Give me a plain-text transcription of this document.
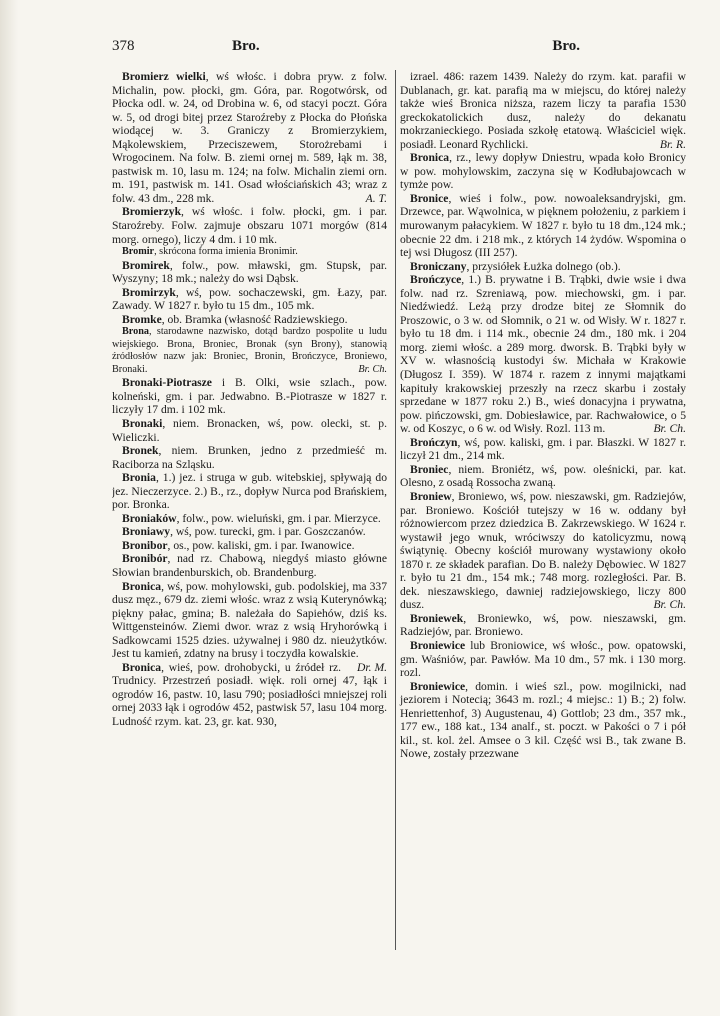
378	Bro.	Bro.

Bromierz wielki, wś włośc. i dobra pryw. z folw. Michalin, pow. płocki, gm. Góra, par. Rogotwórsk, od Płocka odl. w. 24, od Drobina w. 6, od stacyi poczt. Góra w. 5, od drogi bitej przez Staroźreby z Płocka do Płońska wiodącej w. 3. Graniczy z Bromierzykiem, Mąkolewskiem, Przeciszewem, Storożrebami i Wrogocinem. Na folw. B. ziemi ornej m. 589, łąk m. 38, pastwisk m. 10, lasu m. 124; na folw. Michalin ziemi orn. m. 191, pastwisk m. 141. Osad włościańskich 43; wraz z folw. 43 dm., 228 mk.	A. T.

Bromierzyk, wś włośc. i folw. płocki, gm. i par. Staroźreby. Folw. zajmuje obszaru 1071 morgów (814 morg. ornego), liczy 4 dm. i 10 mk.

Bromir, skrócona forma imienia Bronimir.

Bromirek, folw., pow. mławski, gm. Stupsk, par. Wyszyny; 18 mk.; należy do wsi Dąbsk.

Bromirzyk, wś, pow. sochaczewski, gm. Łazy, par. Zawady. W 1827 r. było tu 15 dm., 105 mk.

Bromke, ob. Bramka (własność Radziewskiego.

Brona, starodawne nazwisko, dotąd bardzo pospolite u ludu wiejskiego. Brona, Broniec, Bronak (syn Brony), stanowią źródłosłów nazw jak: Broniec, Bronin, Brończyce, Broniewo, Bronaki.	Br. Ch.

Bronaki-Piotrasze i B. Olki, wsie szlach., pow. kolneński, gm. i par. Jedwabno. B.-Piotrasze w 1827 r. liczyły 17 dm. i 102 mk.

Bronaki, niem. Bronacken, wś, pow. olecki, st. p. Wieliczki.

Bronek, niem. Brunken, jedno z przedmieść m. Raciborza na Szląsku.

Bronia, 1.) jez. i struga w gub. witebskiej, spływają do jez. Nieczerzyce. 2.) B., rz., dopływ Nurca pod Brańskiem, por. Bronka.

Broniaków, folw., pow. wieluński, gm. i par. Mierzyce.

Broniawy, wś, pow. turecki, gm. i par. Goszczanów.

Bronibor, os., pow. kaliski, gm. i par. Iwanowice.

Bronibór, nad rz. Chabową, niegdyś miasto główne Słowian brandenburskich, ob. Brandenburg.

Bronica, wś, pow. mohylowski, gub. podolskiej, ma 337 dusz męz., 679 dz. ziemi włośc. wraz z wsią Kuterynówką; piękny pałac, gmina; B. należała do Sapiehów, dziś ks. Wittgensteinów. Ziemi dwor. wraz z wsią Hryhorówką i Sadkowcami 1525 dzies. używalnej i 980 dz. nieużytków. Jest tu kamień, zdatny na brusy i toczydła kowalskie.
Dr. M.

Bronica, wieś, pow. drohobycki, u źródeł rz. Trudnicy. Przestrzeń posiadł. więk. roli ornej 47, łąk i ogrodów 16, pastw. 10, lasu 790; posiadłości mniejszej roli ornej 2033 łąk i ogrodów 452, pastwisk 57, lasu 104 morg. Ludność rzym. kat. 23, gr. kat. 930,

izrael. 486: razem 1439. Należy do rzym. kat. parafii w Dublanach, gr. kat. parafią ma w miejscu, do której należy także wieś Bronica niższa, razem liczy ta parafia 1530 greckokatolickich dusz, należy do dekanatu mokrzanieckiego. Posiada szkołę etatową. Właściciel więk. posiadł. Leonard Rychlicki.	Br. R.

Bronica, rz., lewy dopływ Dniestru, wpada koło Bronicy w pow. mohylowskim, zaczyna się w Kodłubajowcach w tymże pow.

Bronice, wieś i folw., pow. nowoaleksandryjski, gm. Drzewce, par. Wąwolnica, w pięknem położeniu, z parkiem i murowanym pałacykiem. W 1827 r. było tu 18 dm.,124 mk.; obecnie 22 dm. i 218 mk., z których 14 żydów. Wspomina o tej wsi Długosz (III 257).

Broniczany, przysiółek Łużka dolnego (ob.).

Brończyce, 1.) B. prywatne i B. Trąbki, dwie wsie i dwa folw. nad rz. Szreniawą, pow. miechowski, gm. i par. Niedźwiedź. Leżą przy drodze bitej ze Słomnik do Proszowic, o 3 w. od Słomnik, o 21 w. od Wisły. W r. 1827 r. było tu 18 dm. i 114 mk., obecnie 24 dm., 180 mk. i 204 morg. ziemi włośc. a 289 morg. dworsk. B. Trąbki były w XV w. własnością kustodyi św. Michała w Krakowie (Długosz I. 359). W 1874 r. razem z innymi majątkami kapituły krakowskiej przeszły na rzecz skarbu i zostały sprzedane w 1877 roku 2.) B., wieś donacyjna i prywatna, pow. pińczowski, gm. Dobiesławice, par. Rachwałowice, o 5 w. od Koszyc, o 6 w. od Wisły. Rozl. 113 m.	Br. Ch.

Brończyn, wś, pow. kaliski, gm. i par. Błaszki. W 1827 r. liczył 21 dm., 214 mk.

Broniec, niem. Broniétz, wś, pow. oleśnicki, par. kat. Olesno, z osadą Rossocha zwaną.

Broniew, Broniewo, wś, pow. nieszawski, gm. Radziejów, par. Broniewo. Kościół tutejszy w 16 w. oddany był różnowiercom przez dziedzica B. Zakrzewskiego. W 1624 r. wystawił jego wnuk, wróciwszy do katolicyzmu, nową świątynię. Obecny kościół murowany wystawiony około 1870 r. ze składek parafian. Do B. należy Dębowiec. W 1827 r. było tu 21 dm., 154 mk.; 748 morg. rozległości. Par. B. dek. nieszawskiego, dawniej radziejowskiego, liczy 800 dusz.	Br. Ch.

Broniewek, Broniewko, wś, pow. nieszawski, gm. Radziejów, par. Broniewo.

Broniewice lub Broniowice, wś włośc., pow. opatowski, gm. Waśniów, par. Pawłów. Ma 10 dm., 57 mk. i 130 morg. rozl.

Broniewice, domin. i wieś szl., pow. mogilnicki, nad jeziorem i Notecią; 3643 m. rozl.; 4 miejsc.: 1) B.; 2) folw. Henriettenhof, 3) Augustenau, 4) Gottlob; 23 dm., 357 mk., 177 ew., 188 kat., 134 analf., st. poczt. w Pakości o 7 i pół kil., st. kol. żel. Amsee o 3 kil. Część wsi B., tak zwane B. Nowe, zostały przezwane
